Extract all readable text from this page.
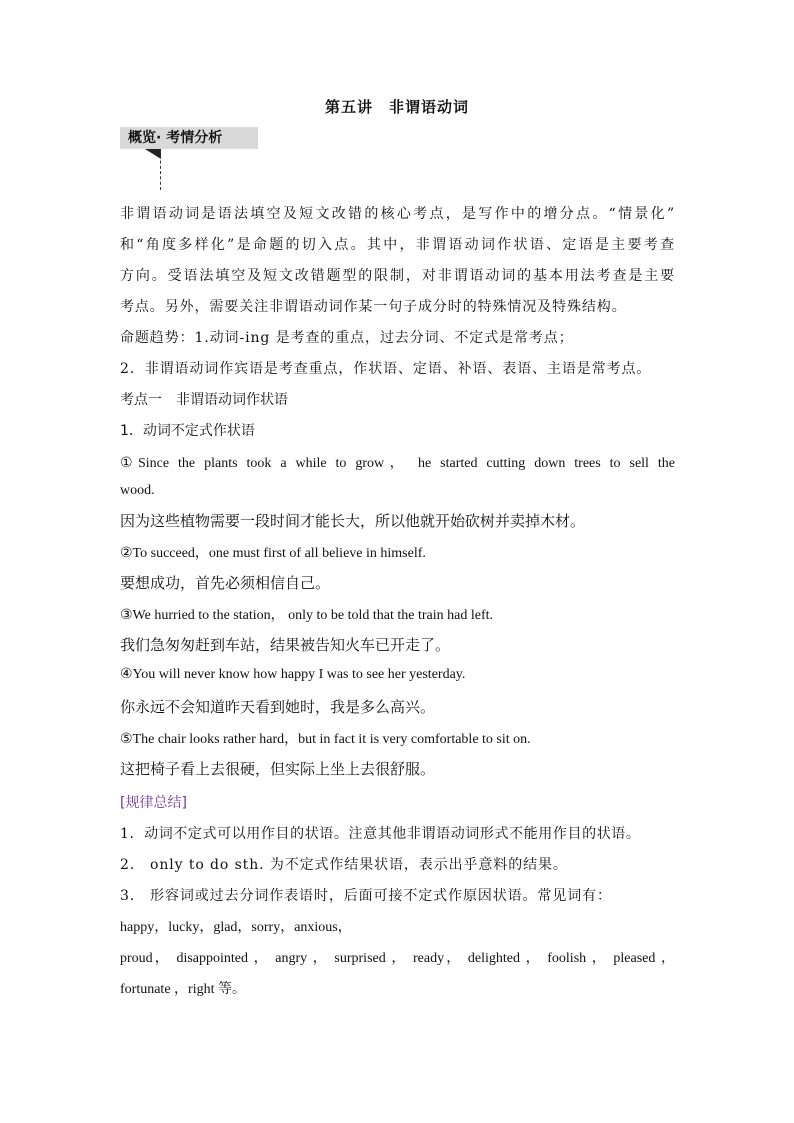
第五讲　非谓语动词
概览· 考情分析
非谓语动词是语法填空及短文改错的核心考点，是写作中的增分点。“情景化”
和“角度多样化”是命题的切入点。其中，非谓语动词作状语、定语是主要考查
方向。受语法填空及短文改错题型的限制，对非谓语动词的基本用法考查是主要
考点。另外，需要关注非谓语动词作某一句子成分时的特殊情况及特殊结构。
命题趋势：1.动词-ing 是考查的重点，过去分词、不定式是常考点；
2．非谓语动词作宾语是考查重点，作状语、定语、补语、表语、主语是常考点。
考点一　非谓语动词作状语
1．动词不定式作状语
①Since the plants took a while to grow， he started cutting down trees to sell the
wood.
因为这些植物需要一段时间才能长大，所以他就开始砍树并卖掉木材。
②To succeed，one must first of all believe in himself.
要想成功，首先必须相信自己。
③We hurried to the station， only to be told that the train had left.
我们急匆匆赶到车站，结果被告知火车已开走了。
④You will never know how happy I was to see her yesterday.
你永远不会知道昨天看到她时，我是多么高兴。
⑤The chair looks rather hard，but in fact it is very comfortable to sit on.
这把椅子看上去很硬，但实际上坐上去很舒服。
[规律总结]
1．动词不定式可以用作目的状语。注意其他非谓语动词形式不能用作目的状语。
2． only to do sth. 为不定式作结果状语，表示出乎意料的结果。
3． 形容词或过去分词作表语时，后面可接不定式作原因状语。常见词有：
happy，lucky，glad，sorry，anxious，
proud， disappointed ， angry ， surprised ， ready， delighted ， foolish ， pleased ，
fortunate ，right 等。
